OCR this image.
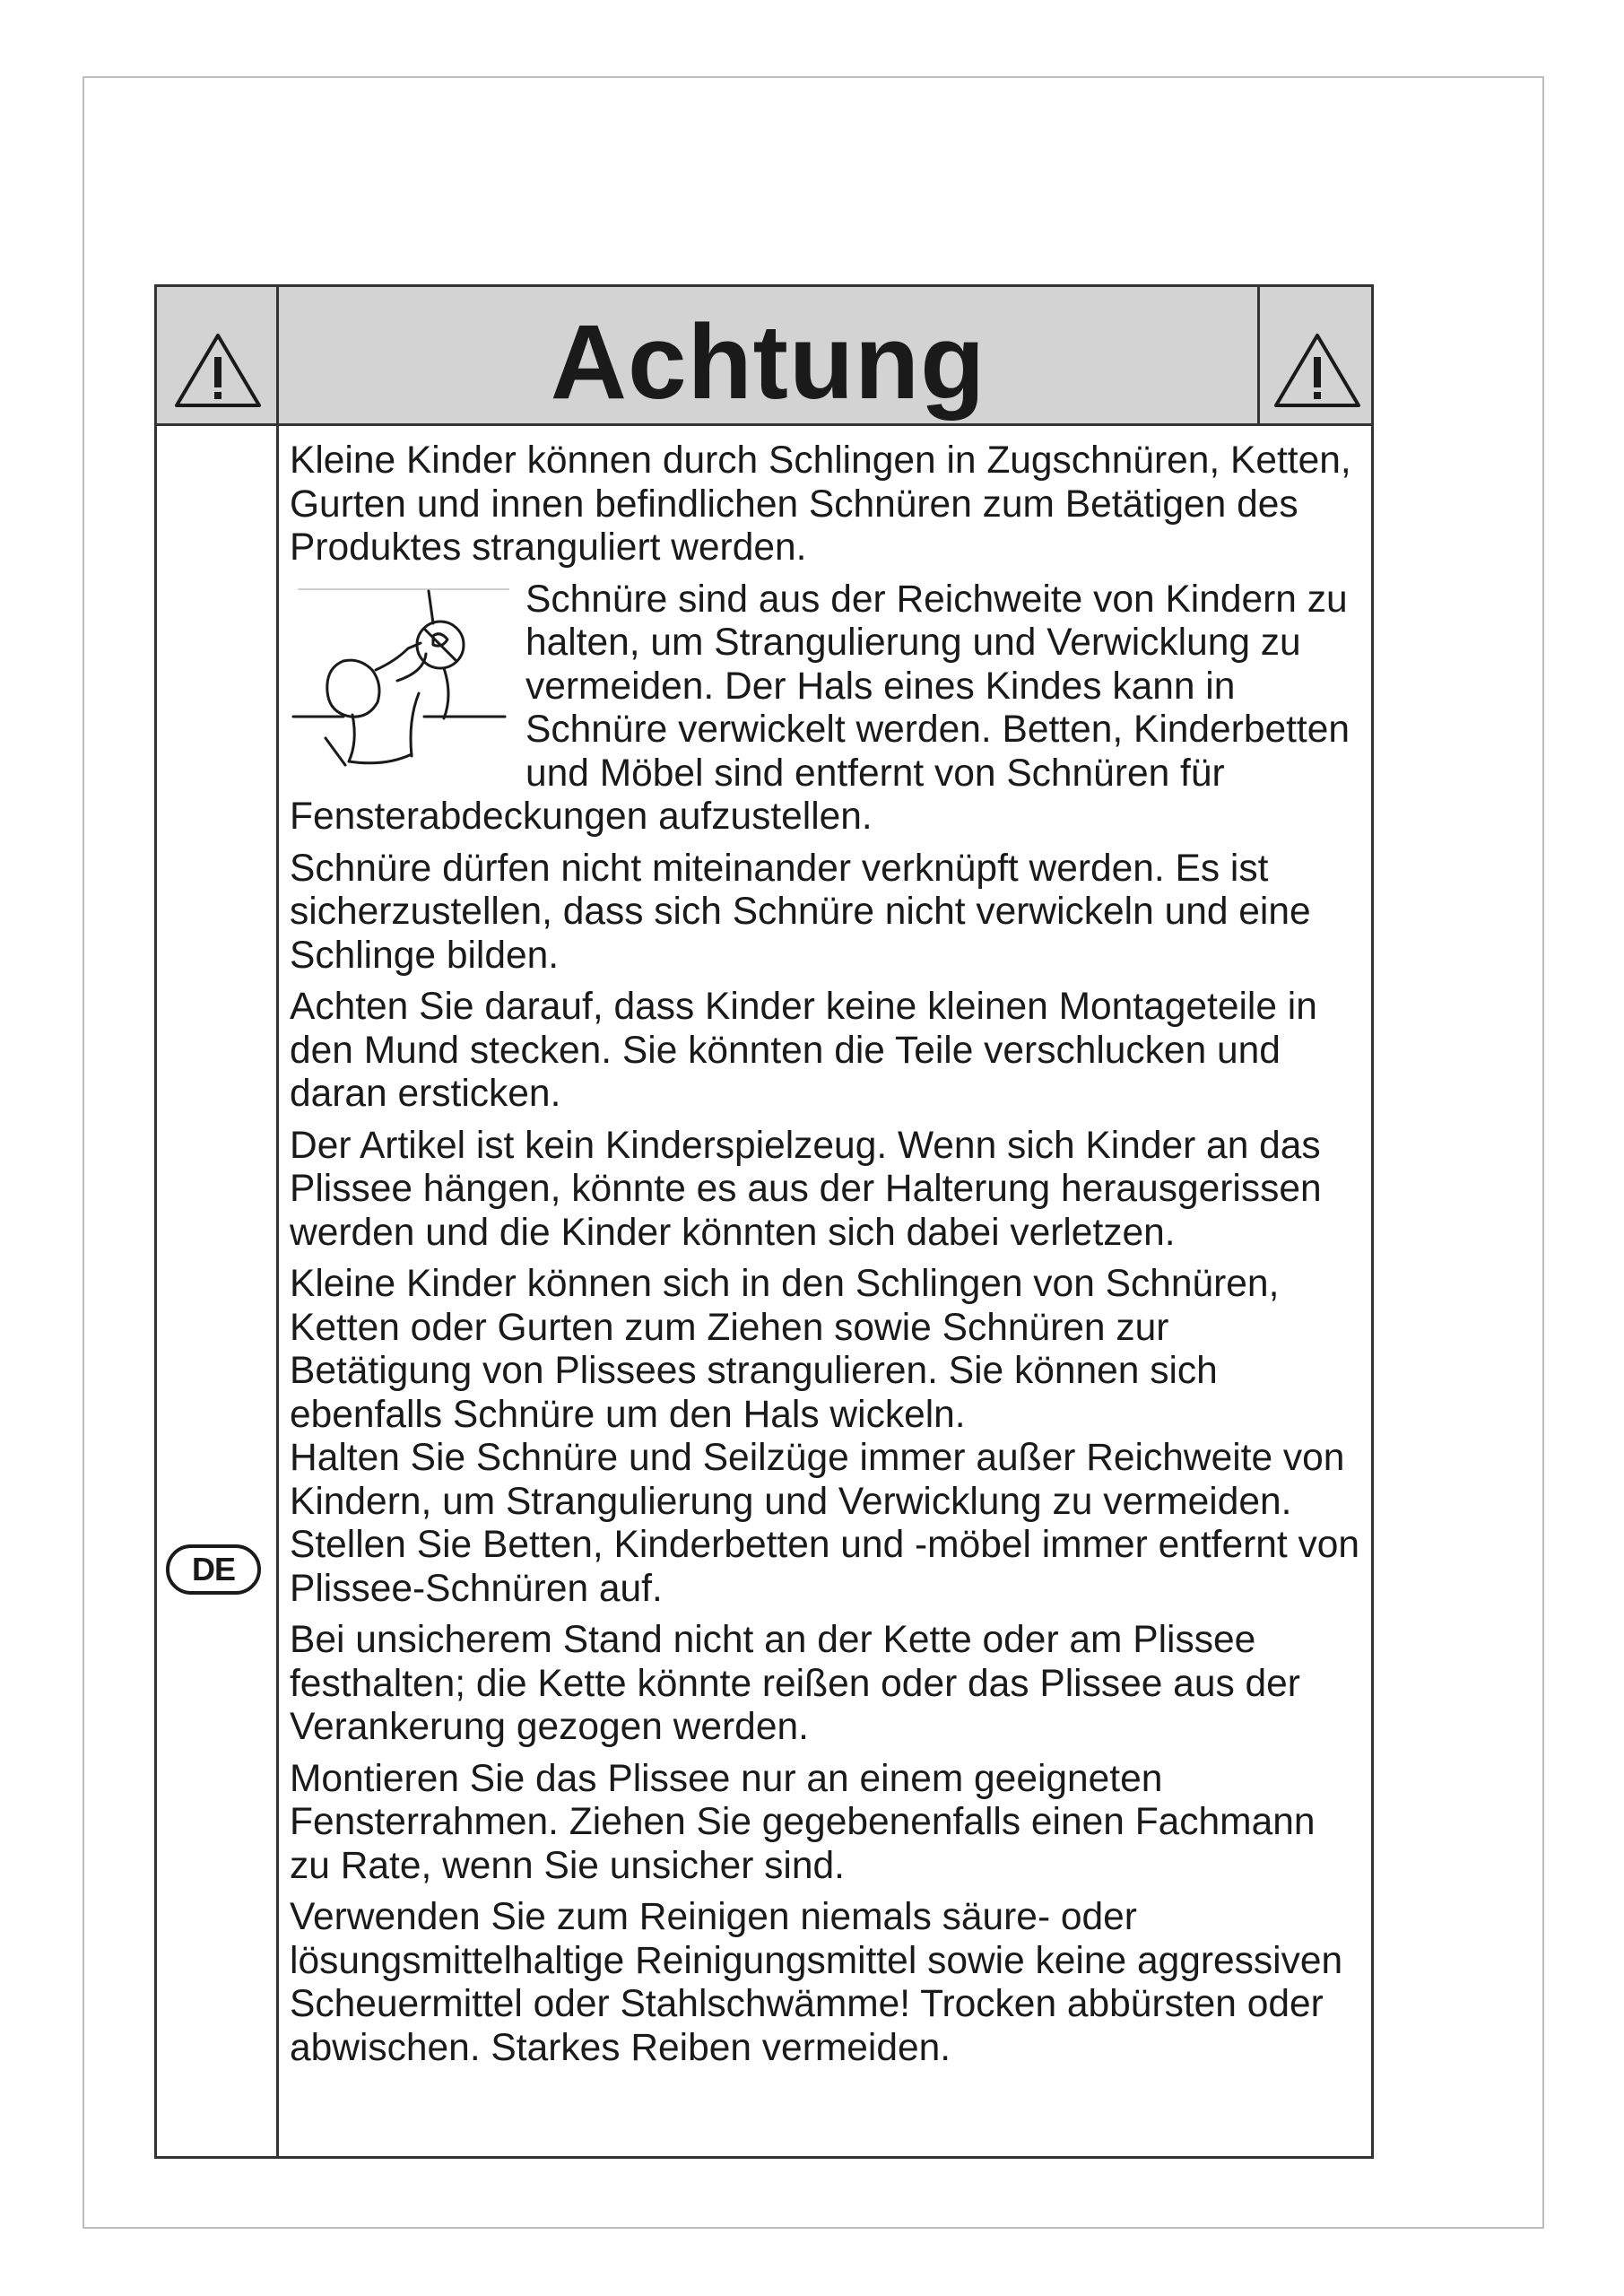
Achtung
DE

Kleine Kinder können durch Schlingen in Zugschnüren, Ketten, Gurten und innen befindlichen Schnüren zum Betätigen des Produktes stranguliert werden.

Schnüre sind aus der Reichweite von Kindern zu halten, um Strangulierung und Verwicklung zu vermeiden. Der Hals eines Kindes kann in Schnüre verwickelt werden. Betten, Kinderbetten und Möbel sind entfernt von Schnüren für Fensterabdeckungen aufzustellen.

Schnüre dürfen nicht miteinander verknüpft werden. Es ist sicherzustellen, dass sich Schnüre nicht verwickeln und eine Schlinge bilden.

Achten Sie darauf, dass Kinder keine kleinen Montageteile in den Mund stecken. Sie könnten die Teile verschlucken und daran ersticken.

Der Artikel ist kein Kinderspielzeug. Wenn sich Kinder an das Plissee hängen, könnte es aus der Halterung herausgerissen werden und die Kinder könnten sich dabei verletzen.

Kleine Kinder können sich in den Schlingen von Schnüren, Ketten oder Gurten zum Ziehen sowie Schnüren zur Betätigung von Plissees strangulieren. Sie können sich ebenfalls Schnüre um den Hals wickeln.

Halten Sie Schnüre und Seilzüge immer außer Reichweite von Kindern, um Strangulierung und Verwicklung zu vermeiden.

Stellen Sie Betten, Kinderbetten und -möbel immer entfernt von Plissee-Schnüren auf.

Bei unsicherem Stand nicht an der Kette oder am Plissee festhalten; die Kette könnte reißen oder das Plissee aus der Verankerung gezogen werden.

Montieren Sie das Plissee nur an einem geeigneten Fensterrahmen. Ziehen Sie gegebenenfalls einen Fachmann zu Rate, wenn Sie unsicher sind.

Verwenden Sie zum Reinigen niemals säure- oder lösungsmittelhaltige Reinigungsmittel sowie keine aggressiven Scheuermittel oder Stahlschwämme! Trocken abbürsten oder abwischen. Starkes Reiben vermeiden.
